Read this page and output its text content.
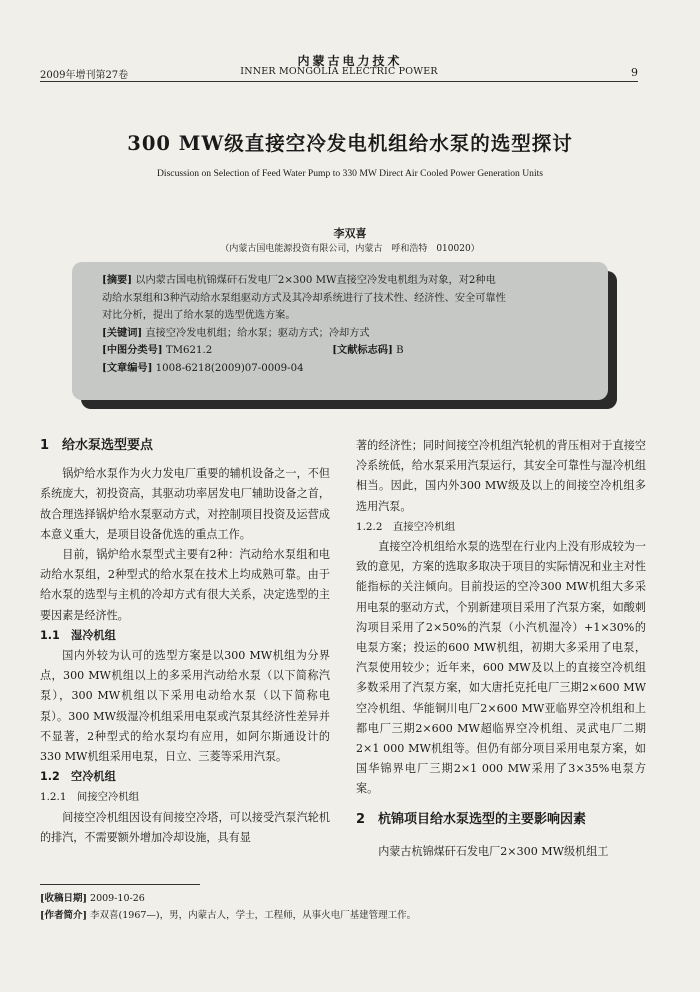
内蒙古电力技术
2009年增刊第27卷	INNER MONGOLIA ELECTRIC POWER	9
300 MW级直接空冷发电机组给水泵的选型探讨
Discussion on Selection of Feed Water Pump to 330 MW Direct Air Cooled Power Generation Units
李双喜
（内蒙古国电能源投资有限公司，内蒙古　呼和浩特　010020）

[摘要] 以内蒙古国电杭锦煤矸石发电厂2×300 MW直接空冷发电机组为对象，对2种电

动给水泵组和3种汽动给水泵组驱动方式及其冷却系统进行了技术性、经济性、安全可靠性

对比分析，提出了给水泵的选型优选方案。

[关键词] 直接空冷发电机组；给水泵；驱动方式；冷却方式

[中图分类号] TM621.2	[文献标志码] B

[文章编号] 1008-6218(2009)07-0009-04

1　给水泵选型要点

锅炉给水泵作为火力发电厂重要的辅机设备之一，不但系统庞大，初投资高，其驱动功率居发电厂辅助设备之首，故合理选择锅炉给水泵驱动方式，对控制项目投资及运营成本意义重大，是项目设备优选的重点工作。

目前，锅炉给水泵型式主要有2种：汽动给水泵组和电动给水泵组，2种型式的给水泵在技术上均成熟可靠。由于给水泵的选型与主机的冷却方式有很大关系，决定选型的主要因素是经济性。

1.1　湿冷机组

国内外较为认可的选型方案是以300 MW机组为分界点，300 MW机组以上的多采用汽动给水泵（以下简称汽泵），300 MW机组以下采用电动给水泵（以下简称电泵）。300 MW级湿冷机组采用电泵或汽泵其经济性差异并不显著，2种型式的给水泵均有应用，如阿尔斯通设计的330 MW机组采用电泵，日立、三菱等采用汽泵。

1.2　空冷机组

1.2.1　间接空冷机组

间接空冷机组因设有间接空冷塔，可以接受汽泵汽轮机的排汽，不需要额外增加冷却设施，具有显

著的经济性；同时间接空冷机组汽轮机的背压相对于直接空冷系统低，给水泵采用汽泵运行，其安全可靠性与湿冷机组相当。因此，国内外300 MW级及以上的间接空冷机组多选用汽泵。

1.2.2　直接空冷机组

直接空冷机组给水泵的选型在行业内上没有形成较为一致的意见，方案的选取多取决于项目的实际情况和业主对性能指标的关注倾向。目前投运的空冷300 MW机组大多采用电泵的驱动方式，个别新建项目采用了汽泵方案，如酸刺沟项目采用了2×50%的汽泵（小汽机湿冷）+1×30%的电泵方案；投运的600 MW机组，初期大多采用了电泵，汽泵使用较少；近年来，600 MW及以上的直接空冷机组多数采用了汽泵方案，如大唐托克托电厂三期2×600 MW空冷机组、华能铜川电厂2×600 MW亚临界空冷机组和上都电厂三期2×600 MW超临界空冷机组、灵武电厂二期2×1 000 MW机组等。但仍有部分项目采用电泵方案，如国华锦界电厂三期2×1 000 MW采用了3×35%电泵方案。

2　杭锦项目给水泵选型的主要影响因素

内蒙古杭锦煤矸石发电厂2×300 MW级机组工

[收稿日期] 2009-10-26
[作者简介] 李双喜(1967—)，男，内蒙古人，学士，工程师，从事火电厂基建管理工作。
